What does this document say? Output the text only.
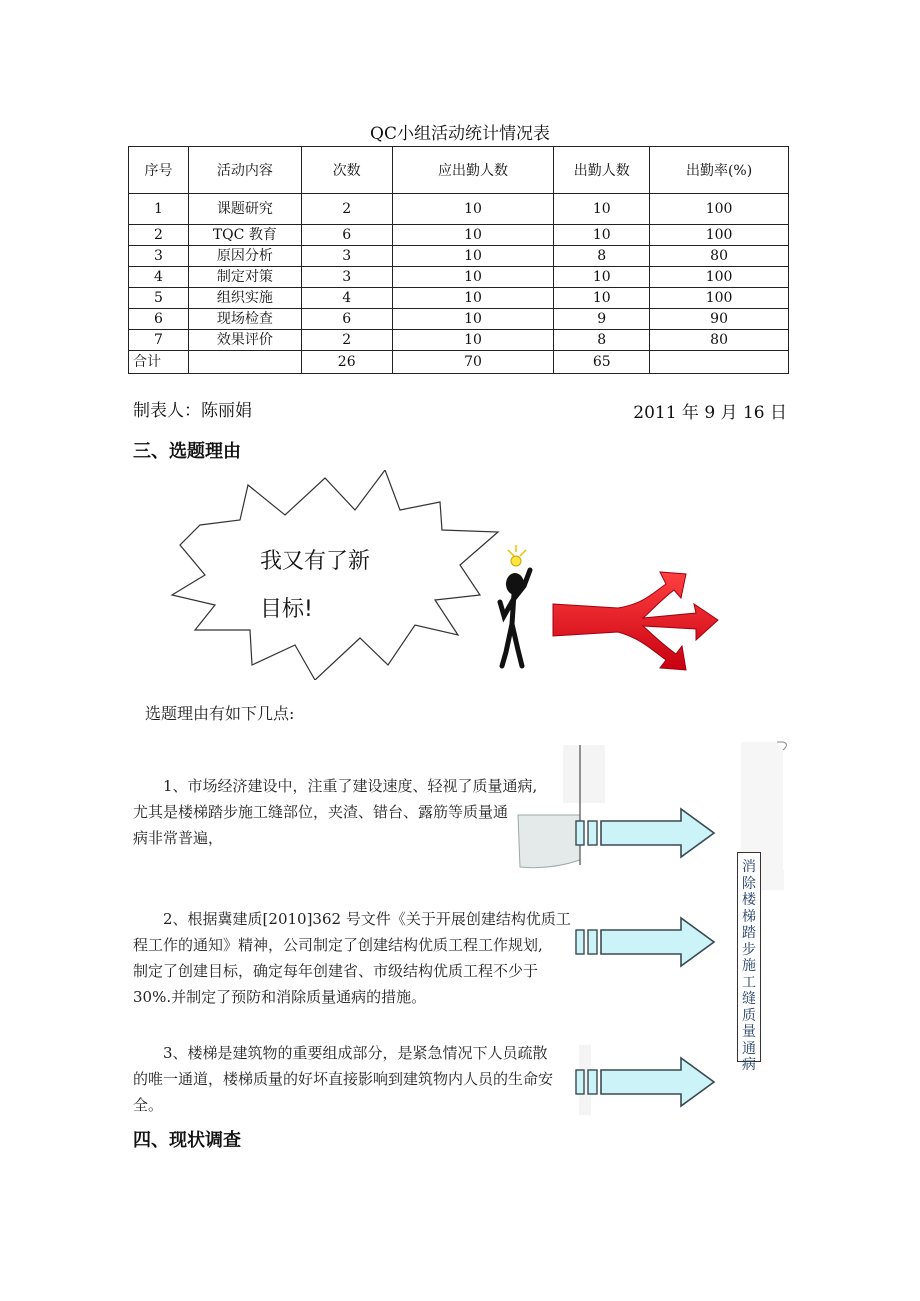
QC小组活动统计情况表
序号	活动内容	次数	应出勤人数	出勤人数	出勤率(%)
1	课题研究	2	10	10	100
2	TQC 教育	6	10	10	100
3	原因分析	3	10	8	80
4	制定对策	3	10	10	100
5	组织实施	4	10	10	100
6	现场检查	6	10	9	90
7	效果评价	2	10	8	80
合计		26	70	65	
制表人：陈丽娟	2011 年 9 月 16 日
三、选题理由
我又有了新
目标!
选题理由有如下几点:
1、市场经济建设中，注重了建设速度、轻视了质量通病,
尤其是楼梯踏步施工缝部位，夹渣、错台、露筋等质量通
病非常普遍，
2、根据冀建质[2010]362 号文件《关于开展创建结构优质工
程工作的通知》精神，公司制定了创建结构优质工程工作规划,
制定了创建目标，确定每年创建省、市级结构优质工程不少于
30%.并制定了预防和消除质量通病的措施。
3、楼梯是建筑物的重要组成部分，是紧急情况下人员疏散
的唯一通道，楼梯质量的好坏直接影响到建筑物内人员的生命安
全。
消
除
楼
梯
踏
步
施
工
缝
质
量
通
病
四、现状调查
